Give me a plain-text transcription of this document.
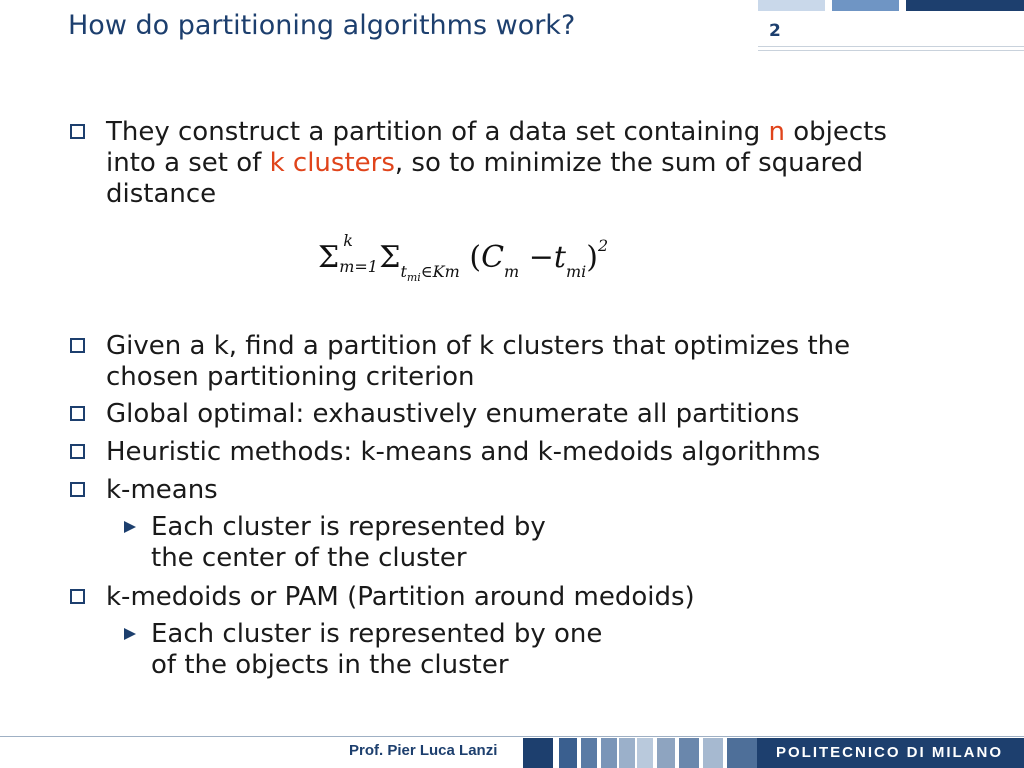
How do partitioning algorithms work?	2
They construct a partition of a data set containing n objects
into a set of k clusters, so to minimize the sum of squared
distance
Σ k
m=1 $\Sigma_{t_{mi}\in Km}$ $(C_m -t_{mi})^2$
Given a k, find a partition of k clusters that optimizes the
chosen partitioning criterion
Global optimal: exhaustively enumerate all partitions
Heuristic methods: k-means and k-medoids algorithms
k-means
Each cluster is represented by
the center of the cluster
k-medoids or PAM (Partition around medoids)
Each cluster is represented by one
of the objects in the cluster
Prof. Pier Luca Lanzi	POLITECNICO DI MILANO
